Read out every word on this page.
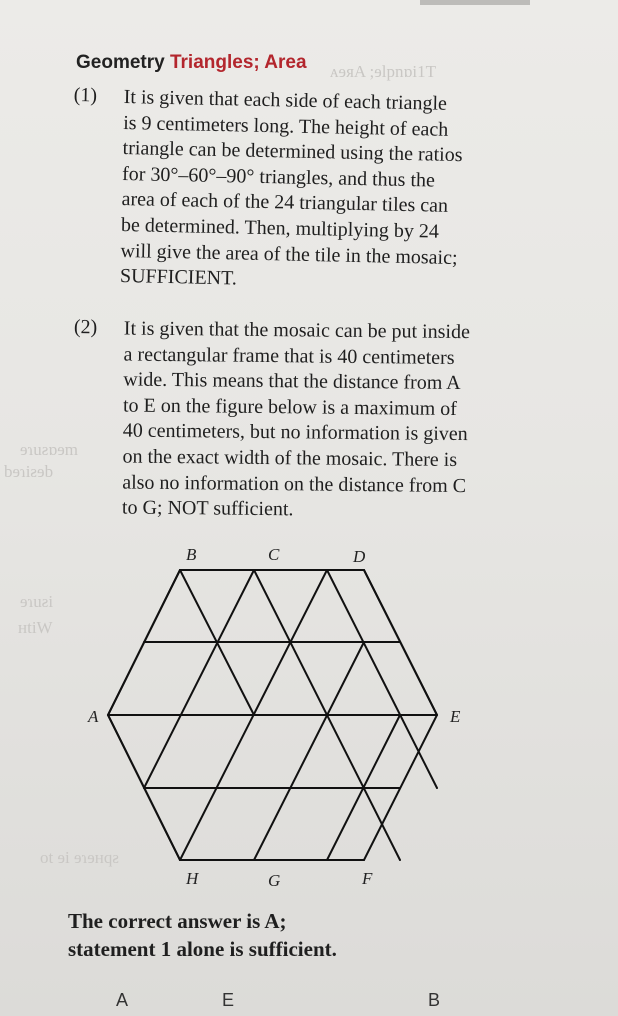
ᴀɘᴙA ;ɘlpnɒi1T
ɘɿuƨɒɘm
bɘɿiƨɘb
ɘɿuƨi
ʜtiW
ot ɘi ɘɿɘʜqƨ
Geometry Triangles; Area
(1) It is given that each side of each triangle
is 9 centimeters long. The height of each
triangle can be determined using the ratios
for 30°–60°–90° triangles, and thus the
area of each of the 24 triangular tiles can
be determined. Then, multiplying by 24
will give the area of the tile in the mosaic;
SUFFICIENT.
(2) It is given that the mosaic can be put inside
a rectangular frame that is 40 centimeters
wide. This means that the distance from A
to E on the figure below is a maximum of
40 centimeters, but no information is given
on the exact width of the mosaic. There is
also no information on the distance from C
to G; NOT sufficient.
A
B	C	D
E
F
G
H
The correct answer is A;
statement 1 alone is sufficient.
A	E	B
